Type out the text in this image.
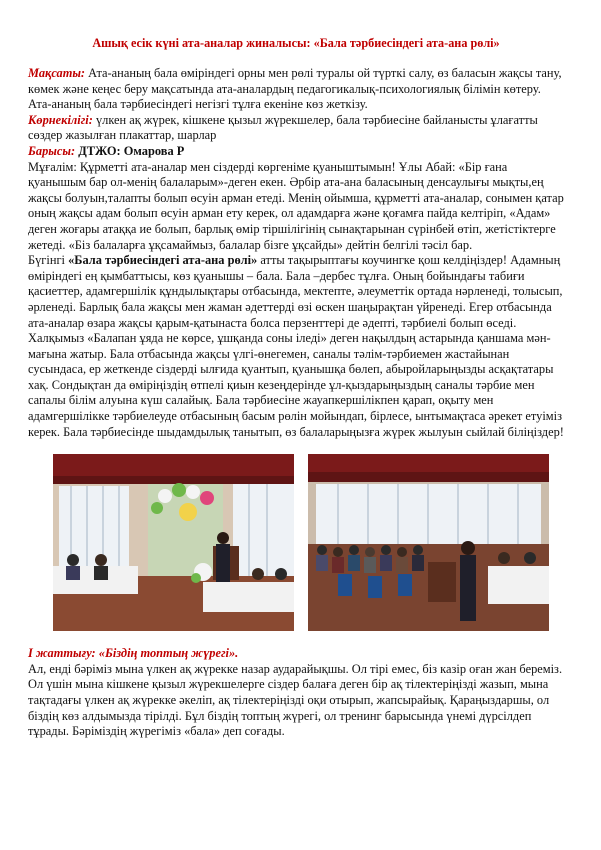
Ашық есік күні ата-аналар жиналысы: «Бала тәрбиесіндегі ата-ана рөлі»

Мақсаты: Ата-ананың бала өміріндегі орны мен рөлі туралы ой түрткі салу, өз баласын жақсы тану, көмек және кеңес беру мақсатында ата-аналардың педагогикалық-психологиялық білімін көтеру. Ата-ананың бала тәрбиесіндегі негізгі тұлға екеніне көз жеткізу.

Көрнекілігі: үлкен ақ жүрек, кішкене қызыл жүрекшелер, бала тәрбиесіне байланысты ұлағатты сөздер жазылған плакаттар, шарлар

Барысы: ДТЖО: Омарова Р

Мұғалім: Құрметті ата-аналар мен сіздерді көргеніме қуаныштымын! Ұлы Абай: «Бір ғана қуанышым бар ол-менің балаларым»-деген екен. Әрбір ата-ана баласының денсаулығы мықты,ең жақсы болуын,талапты болып өсуін арман етеді. Менің ойымша, құрметті ата-аналар, сонымен қатар оның жақсы адам болып өсуін арман ету керек, ол адамдарға және қоғамға пайда келтіріп, «Адам» деген жоғары атаққа ие болып, барлық өмір тіршілігінің сынақтарынан сүрінбей өтіп, жетістіктерге жетеді. «Біз балаларға ұқсамаймыз, балалар бізге ұқсайды» дейтін белгілі тәсіл бар.

Бүгінгі «Бала тәрбиесіндегі ата-ана рөлі» атты тақырыптағы коучингке қош келдіңіздер! Адамның өміріндегі ең қымбаттысы, көз қуанышы – бала. Бала –дербес тұлға. Оның бойындағы табиғи қасиеттер, адамгершілік құндылықтары отбасында, мектепте, әлеуметтік ортада нәрленеді, толысып, әрленеді. Барлық бала жақсы мен жаман әдеттерді өзі өскен шаңырақтан үйренеді. Егер отбасында ата-аналар өзара жақсы қарым-қатынаста болса перзенттері де әдепті, тәрбиелі болып өседі. Халқымыз «Балапан ұяда не көрсе, ұшқанда соны іледі» деген нақылдың астарында қаншама мән-мағына жатыр. Бала отбасында жақсы үлгі-өнегемен, саналы тәлім-тәрбиемен жастайынан сусындаса, ер жеткенде сіздерді ылғида қуантып, қуанышқа бөлеп, абыройларыңызды асқақтатары хақ. Сондықтан да өміріңіздің өтпелі қиын кезеңдерінде ұл-қыздарыңыздың саналы тәрбие мен сапалы білім алуына күш салайық. Бала тәрбиесіне жауапкершілікпен қарап, оқыту мен адамгершілікке тәрбиелеуде отбасының басым рөлін мойындап, бірлесе, ынтымақтаса әрекет етуіміз керек. Бала тәрбиесінде шыдамдылық танытып, өз балаларыңызға жүрек жылуын сыйлай біліңіздер!

І жаттығу: «Біздің топтың жүрегі».

Ал, енді бәріміз мына үлкен ақ жүрекке назар аударайықшы. Ол тірі емес, біз казір оған жан береміз. Ол үшін мына кішкене қызыл жүрекшелерге сіздер балаға деген бір ақ тілектеріңізді жазып, мына тақтадағы үлкен ақ жүрекке әкеліп, ақ тілектеріңізді оқи отырып, жапсырайық. Қараңыздаршы, ол біздің көз алдымызда тірілді. Бұл біздің топтың жүрегі, ол тренинг барысында үнемі дүрсілдеп тұрады. Бәріміздің жүрегіміз «бала» деп соғады.
